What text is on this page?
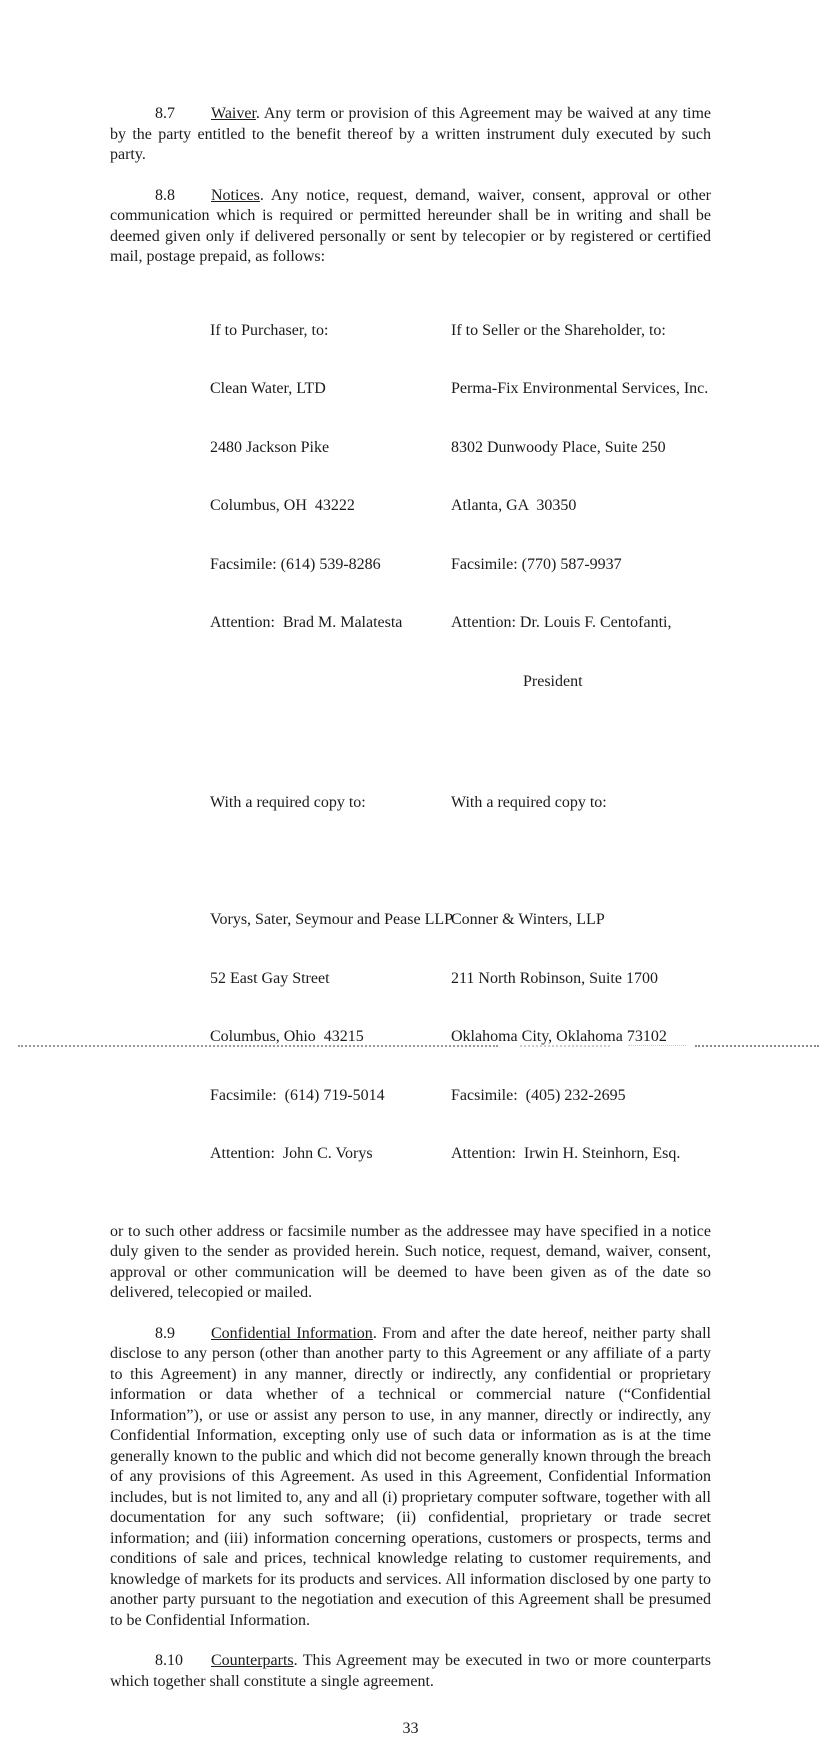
8.7 Waiver. Any term or provision of this Agreement may be waived at any time by the party entitled to the benefit thereof by a written instrument duly executed by such party.

8.8 Notices. Any notice, request, demand, waiver, consent, approval or other communication which is required or permitted hereunder shall be in writing and shall be deemed given only if delivered personally or sent by telecopier or by registered or certified mail, postage prepaid, as follows:

If to Purchaser, to:

Clean Water, LTD

2480 Jackson Pike

Columbus, OH  43222

Facsimile: (614) 539-8286

Attention:  Brad M. Malatesta

If to Seller or the Shareholder, to:

Perma-Fix Environmental Services, Inc.

8302 Dunwoody Place, Suite 250

Atlanta, GA  30350

Facsimile: (770) 587-9937

Attention: Dr. Louis F. Centofanti,

President

With a required copy to:

Vorys, Sater, Seymour and Pease LLP

52 East Gay Street

Columbus, Ohio  43215

Facsimile:  (614) 719-5014

Attention:  John C. Vorys

With a required copy to:

Conner & Winters, LLP

211 North Robinson, Suite 1700

Oklahoma City, Oklahoma 73102

Facsimile:  (405) 232-2695

Attention:  Irwin H. Steinhorn, Esq.

or to such other address or facsimile number as the addressee may have specified in a notice duly given to the sender as provided herein. Such notice, request, demand, waiver, consent, approval or other communication will be deemed to have been given as of the date so delivered, telecopied or mailed.

8.9 Confidential Information. From and after the date hereof, neither party shall disclose to any person (other than another party to this Agreement or any affiliate of a party to this Agreement) in any manner, directly or indirectly, any confidential or proprietary information or data whether of a technical or commercial nature (“Confidential Information”), or use or assist any person to use, in any manner, directly or indirectly, any Confidential Information, excepting only use of such data or information as is at the time generally known to the public and which did not become generally known through the breach of any provisions of this Agreement. As used in this Agreement, Confidential Information includes, but is not limited to, any and all (i) proprietary computer software, together with all documentation for any such software; (ii) confidential, proprietary or trade secret information; and (iii) information concerning operations, customers or prospects, terms and conditions of sale and prices, technical knowledge relating to customer requirements, and knowledge of markets for its products and services. All information disclosed by one party to another party pursuant to the negotiation and execution of this Agreement shall be presumed to be Confidential Information.

8.10 Counterparts. This Agreement may be executed in two or more counterparts which together shall constitute a single agreement.

33
